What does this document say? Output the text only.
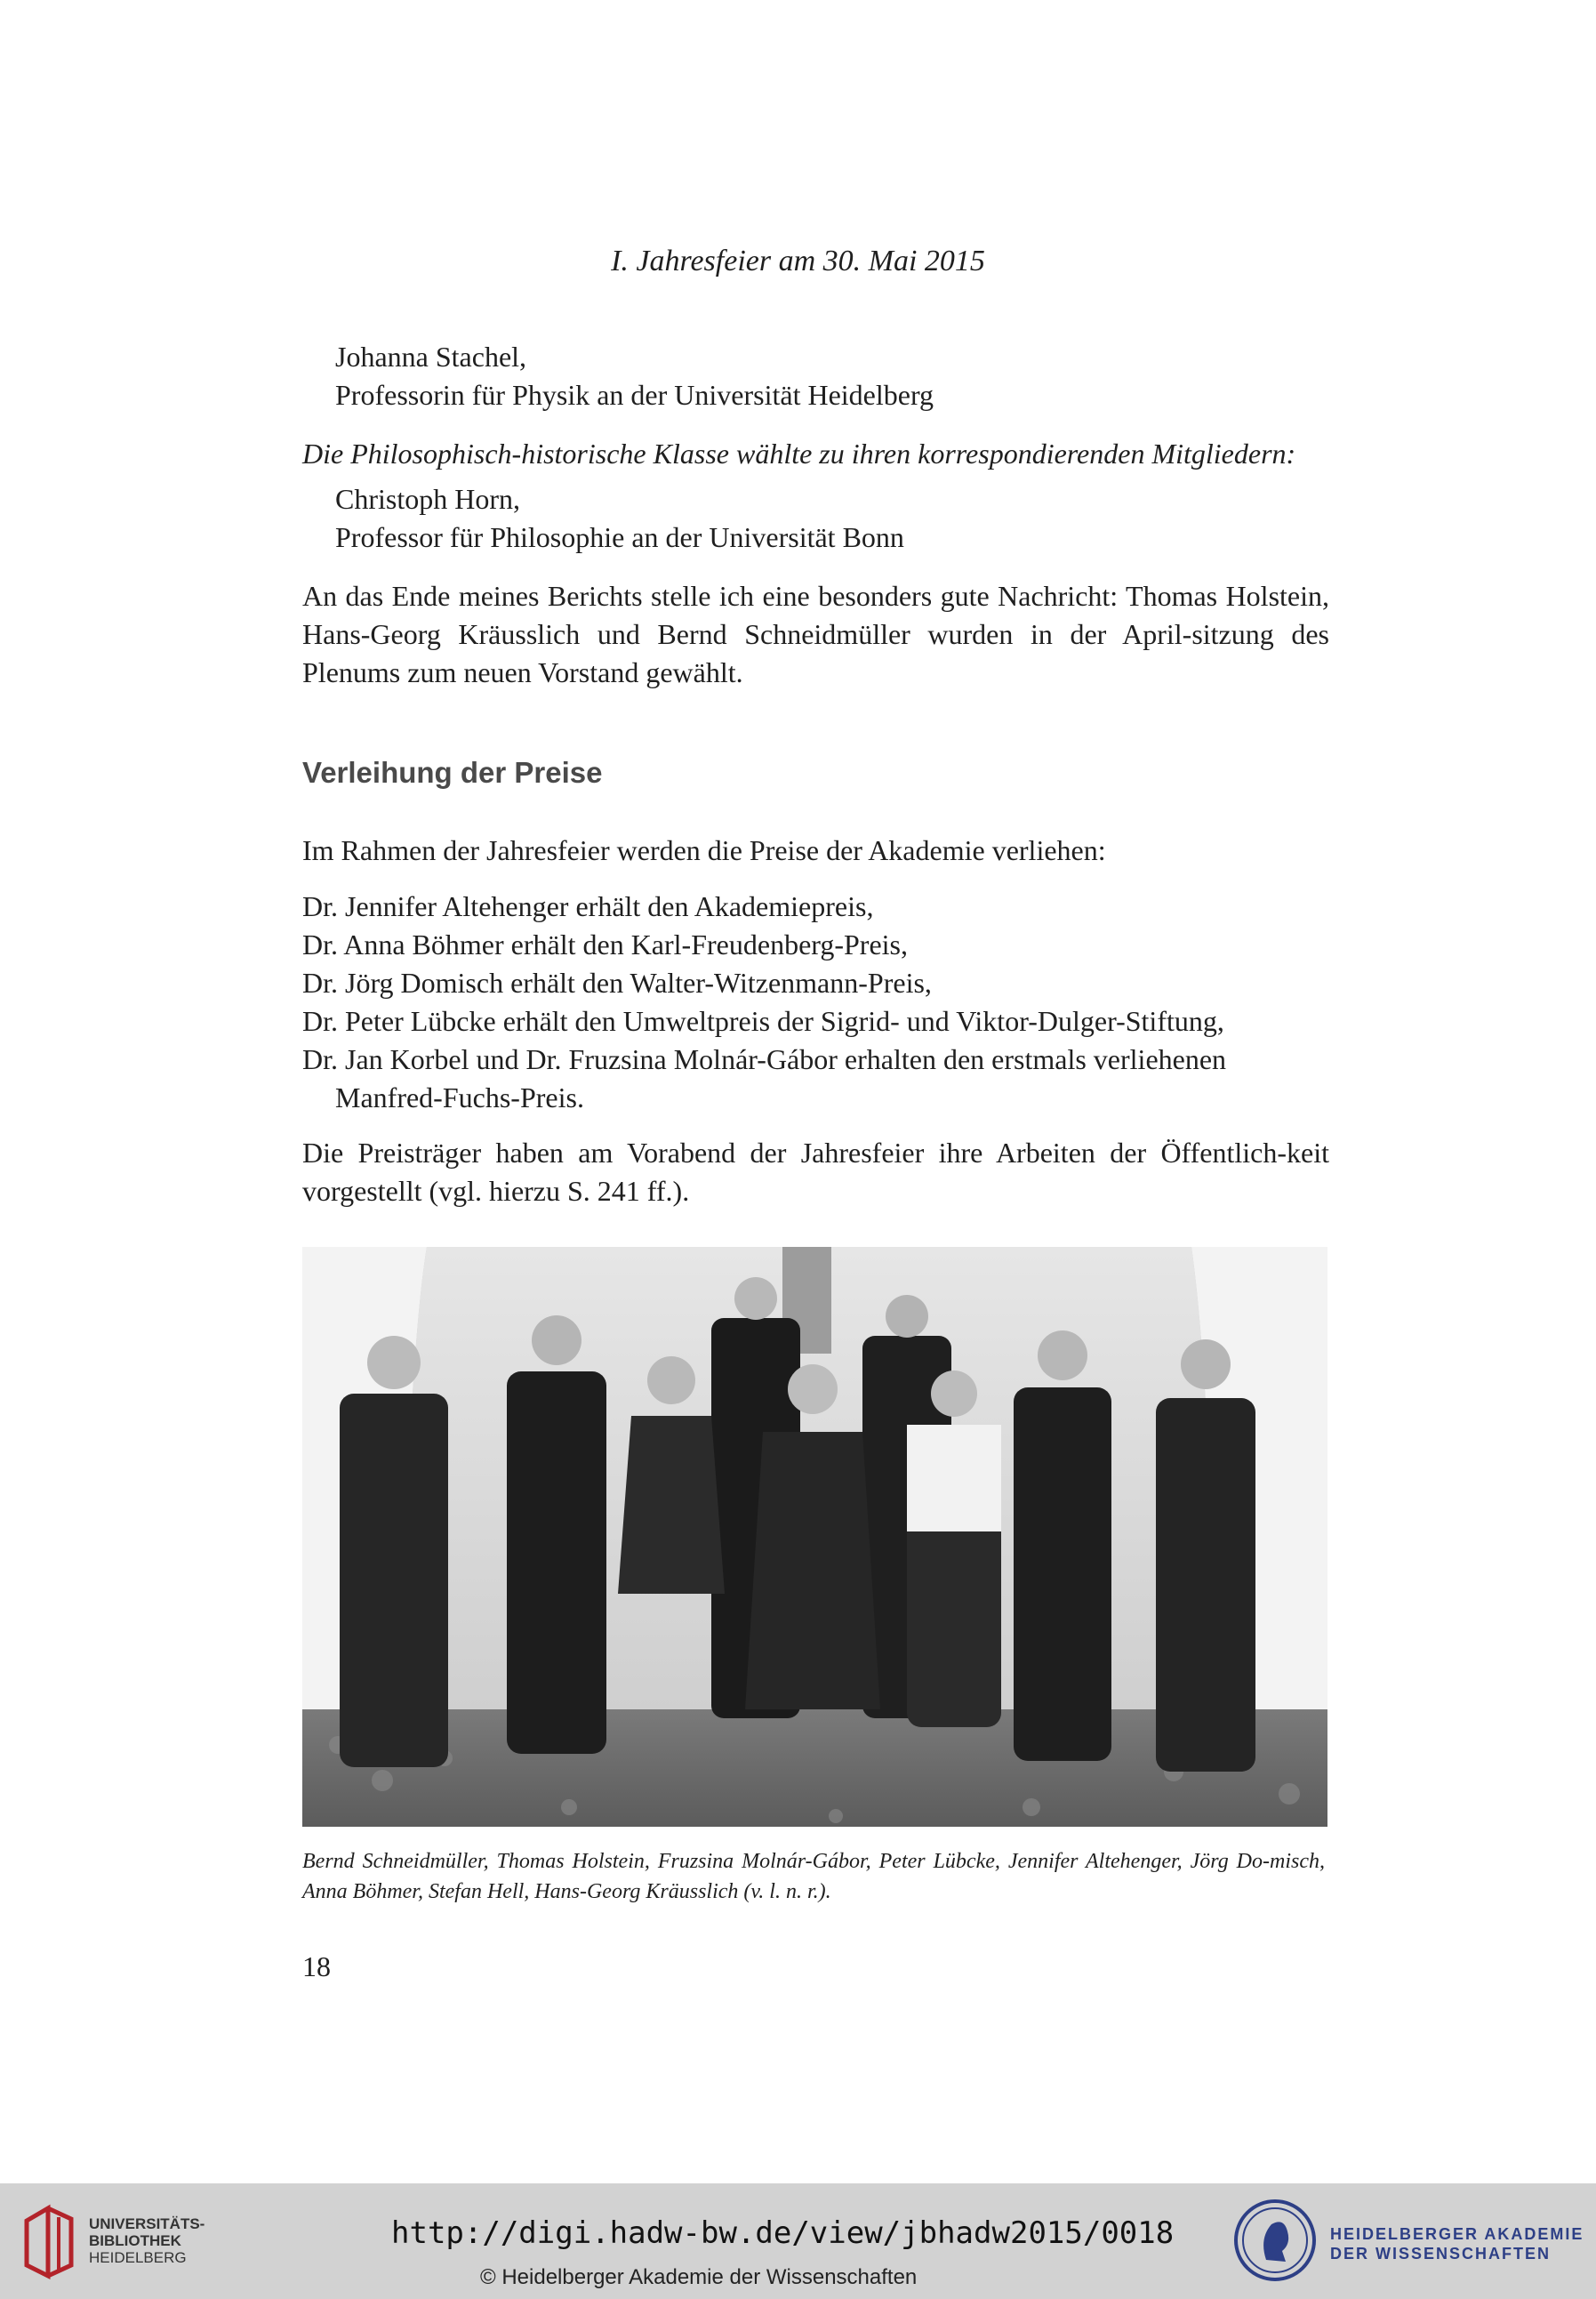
I. Jahresfeier am 30. Mai 2015
Johanna Stachel,
Professorin für Physik an der Universität Heidelberg
Die Philosophisch-historische Klasse wählte zu ihren korrespondierenden Mitgliedern:
Christoph Horn,
Professor für Philosophie an der Universität Bonn
An das Ende meines Berichts stelle ich eine besonders gute Nachricht: Thomas Holstein, Hans-Georg Kräusslich und Bernd Schneidmüller wurden in der April-sitzung des Plenums zum neuen Vorstand gewählt.
Verleihung der Preise
Im Rahmen der Jahresfeier werden die Preise der Akademie verliehen:
Dr. Jennifer Altehenger erhält den Akademiepreis,
Dr. Anna Böhmer erhält den Karl-Freudenberg-Preis,
Dr. Jörg Domisch erhält den Walter-Witzenmann-Preis,
Dr. Peter Lübcke erhält den Umweltpreis der Sigrid- und Viktor-Dulger-Stiftung,
Dr. Jan Korbel und Dr. Fruzsina Molnár-Gábor erhalten den erstmals verliehenen Manfred-Fuchs-Preis.
Die Preisträger haben am Vorabend der Jahresfeier ihre Arbeiten der Öffentlich-keit vorgestellt (vgl. hierzu S. 241 ff.).
Bernd Schneidmüller, Thomas Holstein, Fruzsina Molnár-Gábor, Peter Lübcke, Jennifer Altehenger, Jörg Do-misch, Anna Böhmer, Stefan Hell, Hans-Georg Kräusslich (v. l. n. r.).
18
UNIVERSITÄTS-
BIBLIOTHEK
HEIDELBERG
http://digi.hadw-bw.de/view/jbhadw2015/0018
© Heidelberger Akademie der Wissenschaften
HEIDELBERGER AKADEMIE
DER WISSENSCHAFTEN
